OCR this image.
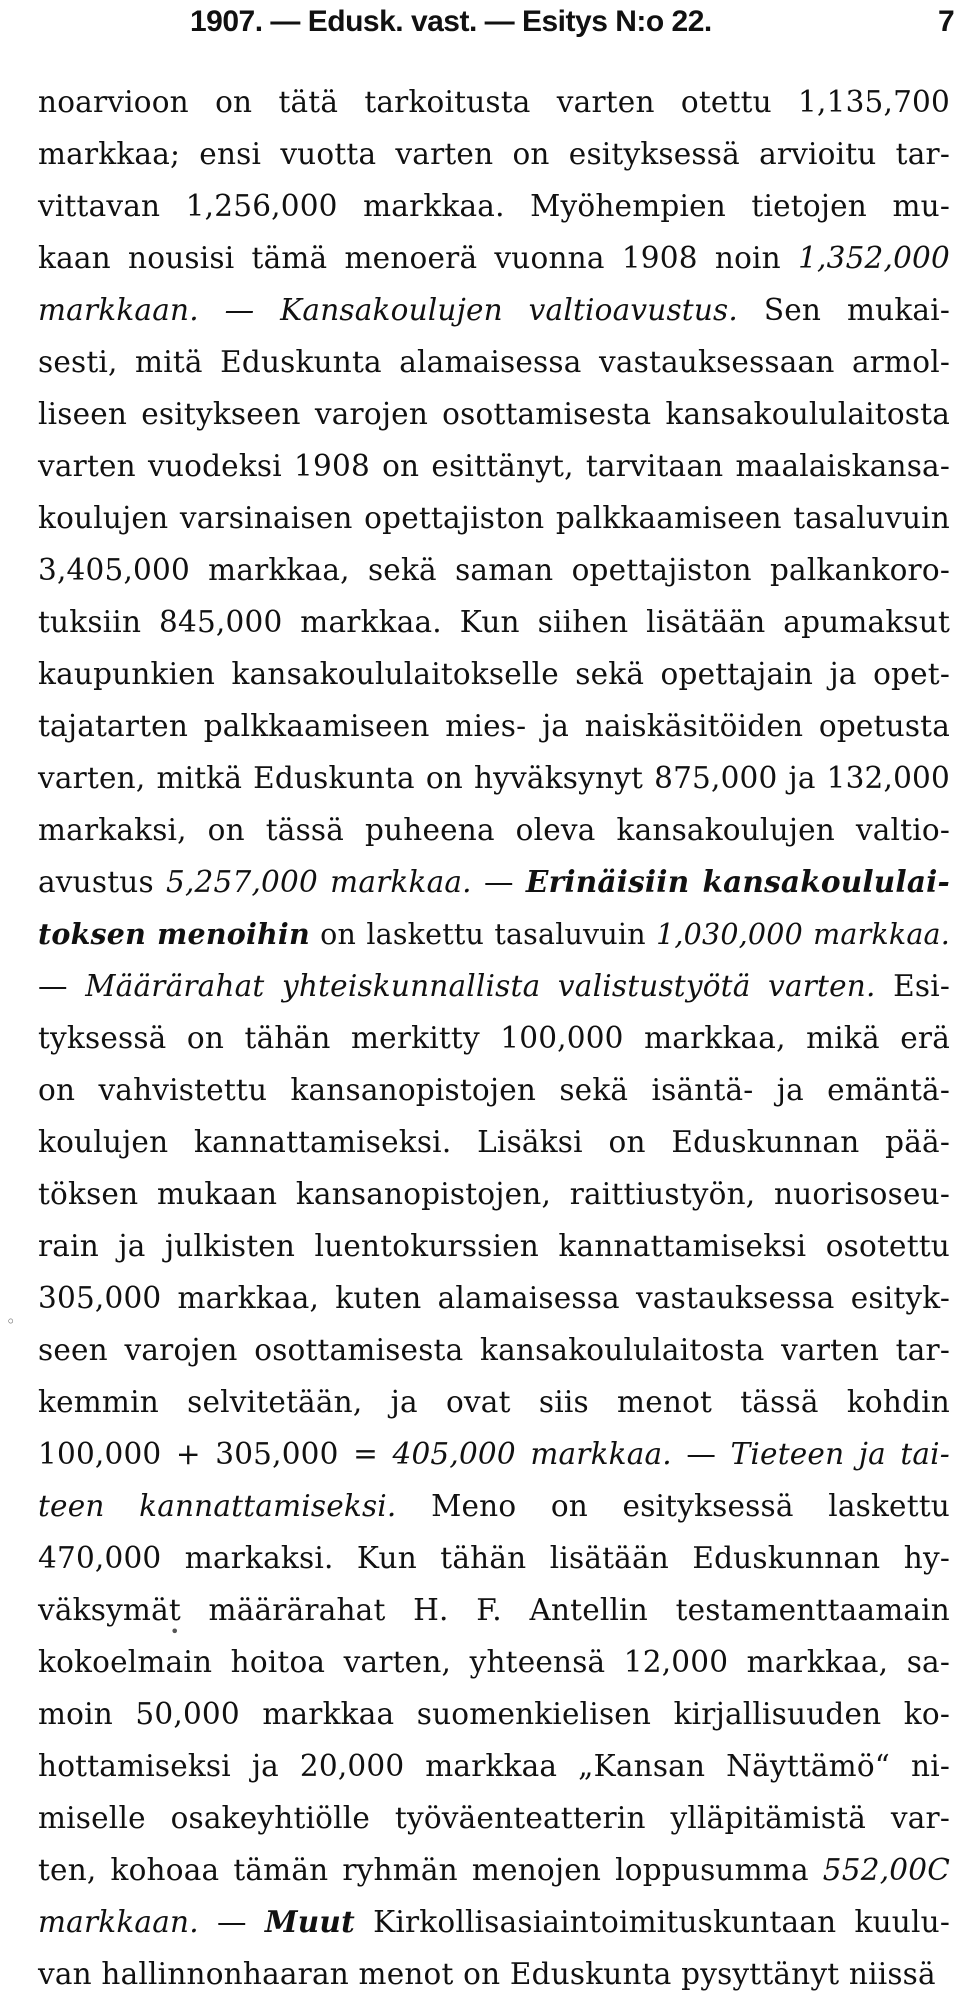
1907. — Edusk. vast. — Esitys N:o 22.	7
noarvioon on tätä tarkoitusta varten otettu 1,135,700
markkaa; ensi vuotta varten on esityksessä arvioitu tar-
vittavan 1,256,000 markkaa. Myöhempien tietojen mu-
kaan nousisi tämä menoerä vuonna 1908 noin 1,352,000
markkaan. — Kansakoulujen valtioavustus. Sen mukai-
sesti, mitä Eduskunta alamaisessa vastauksessaan armol-
liseen esitykseen varojen osottamisesta kansakoululaitosta
varten vuodeksi 1908 on esittänyt, tarvitaan maalaiskansa-
koulujen varsinaisen opettajiston palkkaamiseen tasaluvuin
3,405,000 markkaa, sekä saman opettajiston palkankoro-
tuksiin 845,000 markkaa. Kun siihen lisätään apumaksut
kaupunkien kansakoululaitokselle sekä opettajain ja opet-
tajatarten palkkaamiseen mies- ja naiskäsitöiden opetusta
varten, mitkä Eduskunta on hyväksynyt 875,000 ja 132,000
markaksi, on tässä puheena oleva kansakoulujen valtio-
avustus 5,257,000 markkaa. — Erinäisiin kansakoululai-
toksen menoihin on laskettu tasaluvuin 1,030,000 markkaa.
— Määrärahat yhteiskunnallista valistustyötä varten. Esi-
tyksessä on tähän merkitty 100,000 markkaa, mikä erä
on vahvistettu kansanopistojen sekä isäntä- ja emäntä-
koulujen kannattamiseksi. Lisäksi on Eduskunnan pää-
töksen mukaan kansanopistojen, raittiustyön, nuorisoseu-
rain ja julkisten luentokurssien kannattamiseksi osotettu
305,000 markkaa, kuten alamaisessa vastauksessa esityk-
seen varojen osottamisesta kansakoululaitosta varten tar-
kemmin selvitetään, ja ovat siis menot tässä kohdin
100,000 + 305,000 = 405,000 markkaa. — Tieteen ja tai-
teen kannattamiseksi. Meno on esityksessä laskettu
470,000 markaksi. Kun tähän lisätään Eduskunnan hy-
väksymät määrärahat H. F. Antellin testamenttaamain
kokoelmain hoitoa varten, yhteensä 12,000 markkaa, sa-
moin 50,000 markkaa suomenkielisen kirjallisuuden ko-
hottamiseksi ja 20,000 markkaa „Kansan Näyttämö“ ni-
miselle osakeyhtiölle työväenteatterin ylläpitämistä var-
ten, kohoaa tämän ryhmän menojen loppusumma 552,00C
markkaan. — Muut Kirkollisasiaintoimituskuntaan kuulu-
van hallinnonhaaran menot on Eduskunta pysyttänyt niissä
◦
•
